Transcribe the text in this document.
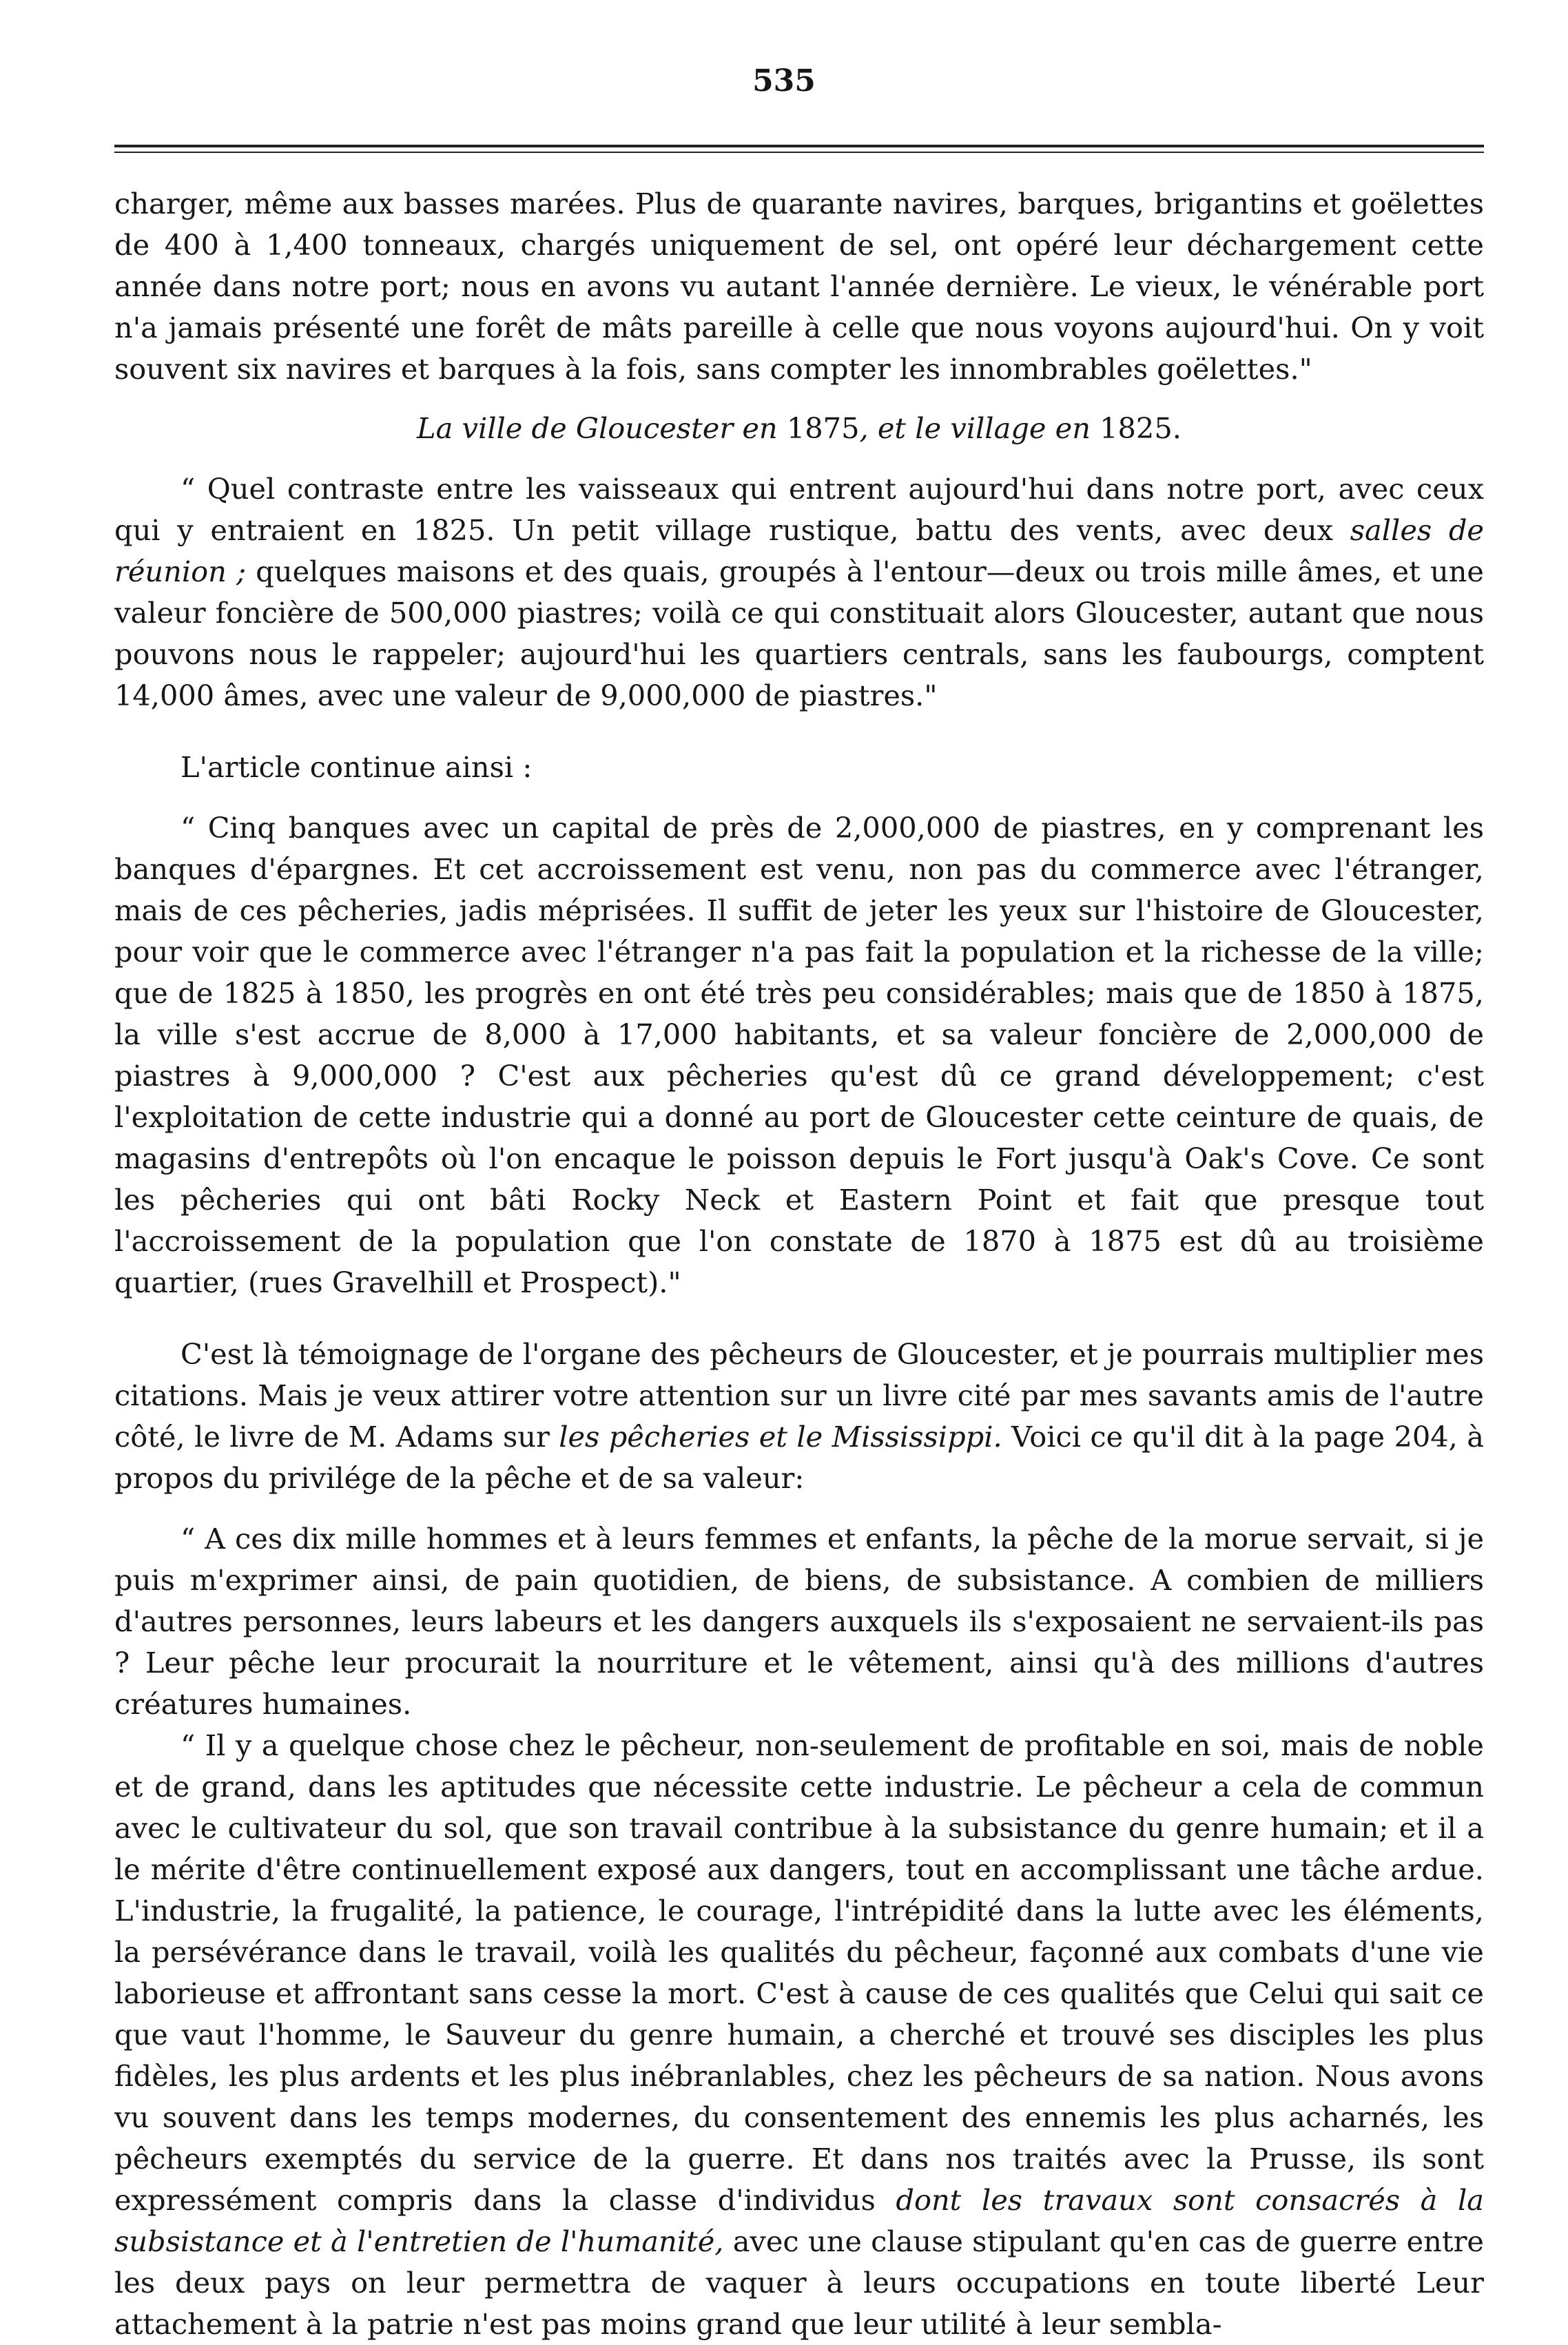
535

charger, même aux basses marées. Plus de quarante navires, barques, brigantins et goëlettes de 400 à 1,400 tonneaux, chargés uniquement de sel, ont opéré leur déchargement cette année dans notre port; nous en avons vu autant l'année dernière. Le vieux, le vénérable port n'a jamais présenté une forêt de mâts pareille à celle que nous voyons aujourd'hui. On y voit souvent six navires et barques à la fois, sans compter les innombrables goëlettes."

La ville de Gloucester en 1875, et le village en 1825.

“ Quel contraste entre les vaisseaux qui entrent aujourd'hui dans notre port, avec ceux qui y entraient en 1825. Un petit village rustique, battu des vents, avec deux salles de réunion ; quelques maisons et des quais, groupés à l'entour—deux ou trois mille âmes, et une valeur foncière de 500,000 piastres; voilà ce qui constituait alors Gloucester, autant que nous pouvons nous le rappeler; aujourd'hui les quartiers centrals, sans les faubourgs, comptent 14,000 âmes, avec une valeur de 9,000,000 de piastres."

L'article continue ainsi :

“ Cinq banques avec un capital de près de 2,000,000 de piastres, en y comprenant les banques d'épargnes. Et cet accroissement est venu, non pas du commerce avec l'étranger, mais de ces pêcheries, jadis méprisées. Il suffit de jeter les yeux sur l'histoire de Gloucester, pour voir que le commerce avec l'étranger n'a pas fait la population et la richesse de la ville; que de 1825 à 1850, les progrès en ont été très peu considérables; mais que de 1850 à 1875, la ville s'est accrue de 8,000 à 17,000 habitants, et sa valeur foncière de 2,000,000 de piastres à 9,000,000 ? C'est aux pêcheries qu'est dû ce grand développement; c'est l'exploitation de cette industrie qui a donné au port de Gloucester cette ceinture de quais, de magasins d'entrepôts où l'on encaque le poisson depuis le Fort jusqu'à Oak's Cove. Ce sont les pêcheries qui ont bâti Rocky Neck et Eastern Point et fait que presque tout l'accroissement de la population que l'on constate de 1870 à 1875 est dû au troisième quartier, (rues Gravelhill et Prospect)."

C'est là témoignage de l'organe des pêcheurs de Gloucester, et je pourrais multiplier mes citations. Mais je veux attirer votre attention sur un livre cité par mes savants amis de l'autre côté, le livre de M. Adams sur les pêcheries et le Mississippi. Voici ce qu'il dit à la page 204, à propos du privilége de la pêche et de sa valeur:

“ A ces dix mille hommes et à leurs femmes et enfants, la pêche de la morue servait, si je puis m'exprimer ainsi, de pain quotidien, de biens, de subsistance. A combien de milliers d'autres personnes, leurs labeurs et les dangers auxquels ils s'exposaient ne servaient-ils pas ? Leur pêche leur procurait la nourriture et le vêtement, ainsi qu'à des millions d'autres créatures humaines.

“ Il y a quelque chose chez le pêcheur, non-seulement de profitable en soi, mais de noble et de grand, dans les aptitudes que nécessite cette industrie. Le pêcheur a cela de commun avec le cultivateur du sol, que son travail contribue à la subsistance du genre humain; et il a le mérite d'être continuellement exposé aux dangers, tout en accomplissant une tâche ardue. L'industrie, la frugalité, la patience, le courage, l'intrépidité dans la lutte avec les éléments, la persévérance dans le travail, voilà les qualités du pêcheur, façonné aux combats d'une vie laborieuse et affrontant sans cesse la mort. C'est à cause de ces qualités que Celui qui sait ce que vaut l'homme, le Sauveur du genre humain, a cherché et trouvé ses disciples les plus fidèles, les plus ardents et les plus inébranlables, chez les pêcheurs de sa nation. Nous avons vu souvent dans les temps modernes, du consentement des ennemis les plus acharnés, les pêcheurs exemptés du service de la guerre. Et dans nos traités avec la Prusse, ils sont expressément compris dans la classe d'individus dont les travaux sont consacrés à la subsistance et à l'entretien de l'humanité, avec une clause stipulant qu'en cas de guerre entre les deux pays on leur permettra de vaquer à leurs occupations en toute liberté Leur attachement à la patrie n'est pas moins grand que leur utilité à leur sembla-
